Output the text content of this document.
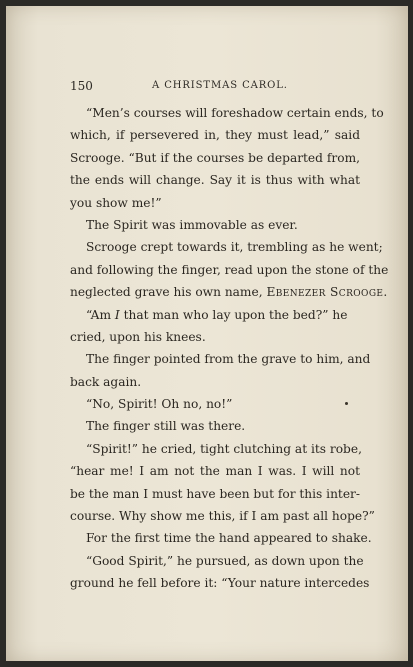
150	A CHRISTMAS CAROL.
“Men’s courses will foreshadow certain ends, to
which, if persevered in, they must lead,” said
Scrooge. “But if the courses be departed from,
the ends will change. Say it is thus with what
you show me!”
The Spirit was immovable as ever.
Scrooge crept towards it, trembling as he went;
and following the finger, read upon the stone of the
neglected grave his own name, Ebenezer Scrooge.
“Am I that man who lay upon the bed?” he
cried, upon his knees.
The finger pointed from the grave to him, and
back again.
“No, Spirit! Oh no, no!”
The finger still was there.
“Spirit!” he cried, tight clutching at its robe,
“hear me! I am not the man I was. I will not
be the man I must have been but for this inter-
course. Why show me this, if I am past all hope?”
For the first time the hand appeared to shake.
“Good Spirit,” he pursued, as down upon the
ground he fell before it: “Your nature intercedes
